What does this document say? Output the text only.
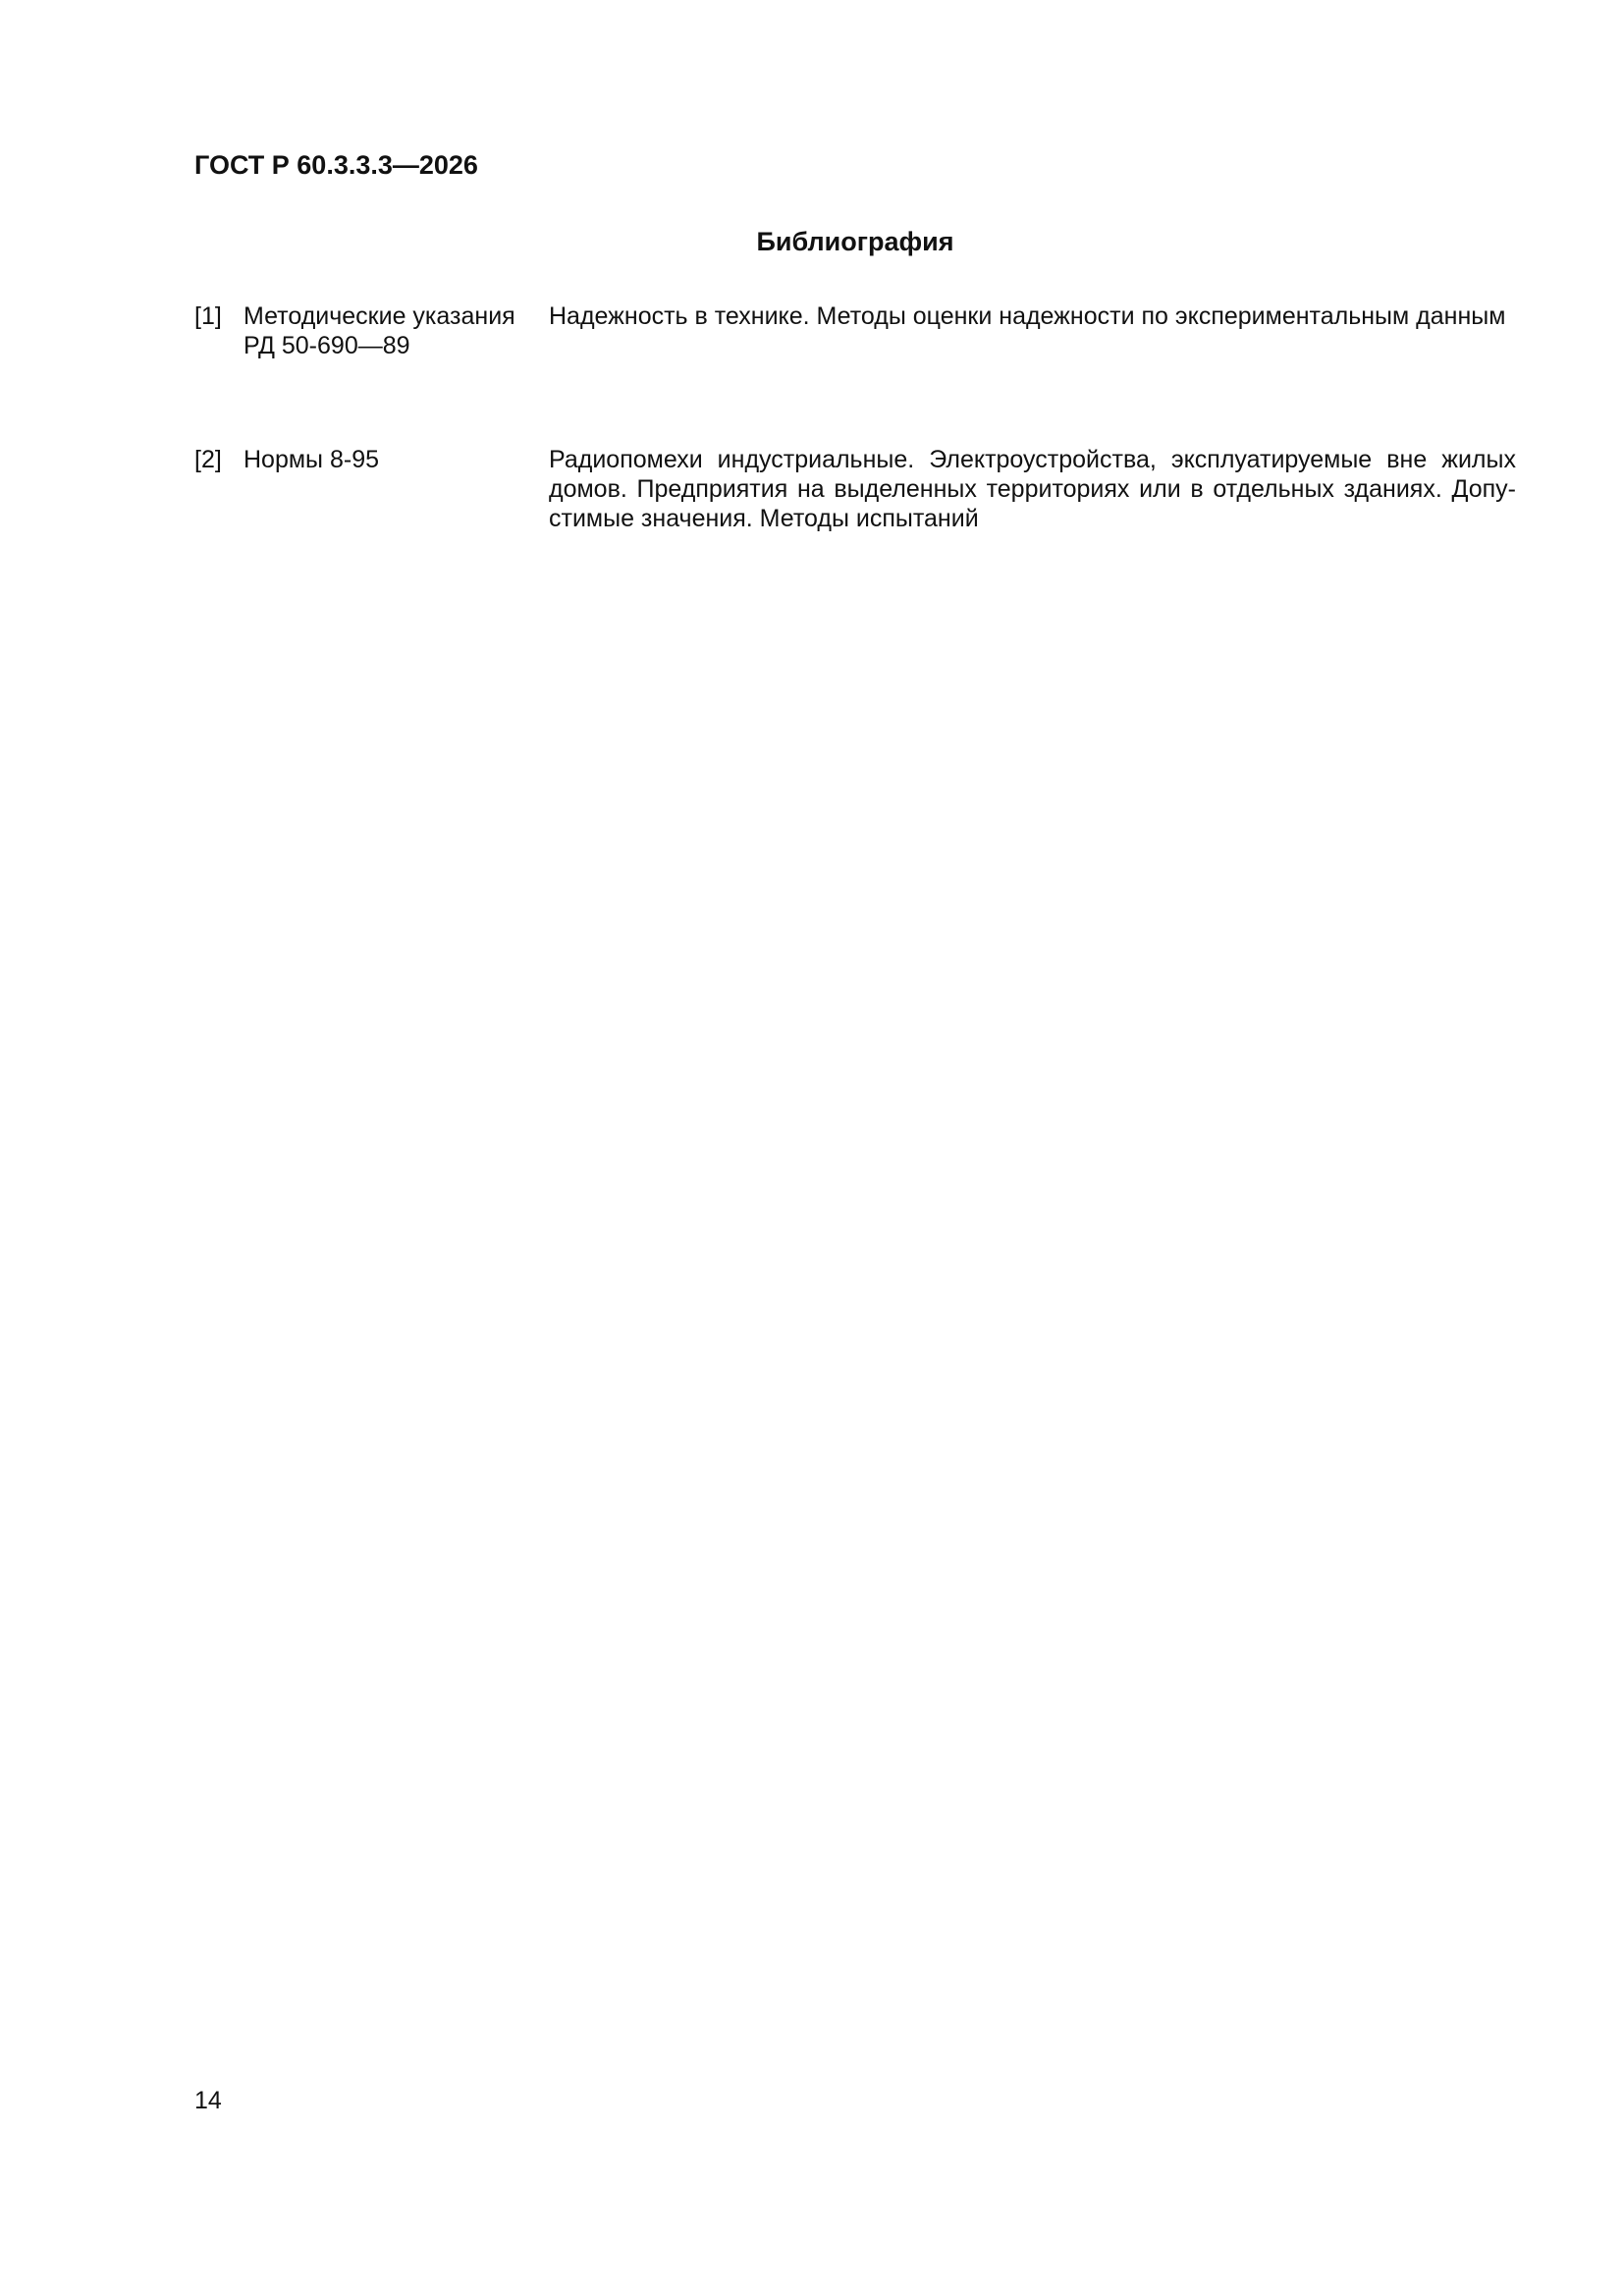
ГОСТ Р 60.3.3.3—2026
Библиография
[1] Методические указания
РД 50-690—89

Надежность в технике. Методы оценки надежности по экспериментальным данным

[2] Нормы 8-95	Радиопомехи индустриальные. Электроустройства, эксплуатируемые вне жилых домов. Предприятия на выделенных территориях или в отдельных зданиях. Допустимые значения. Методы испытаний

14
